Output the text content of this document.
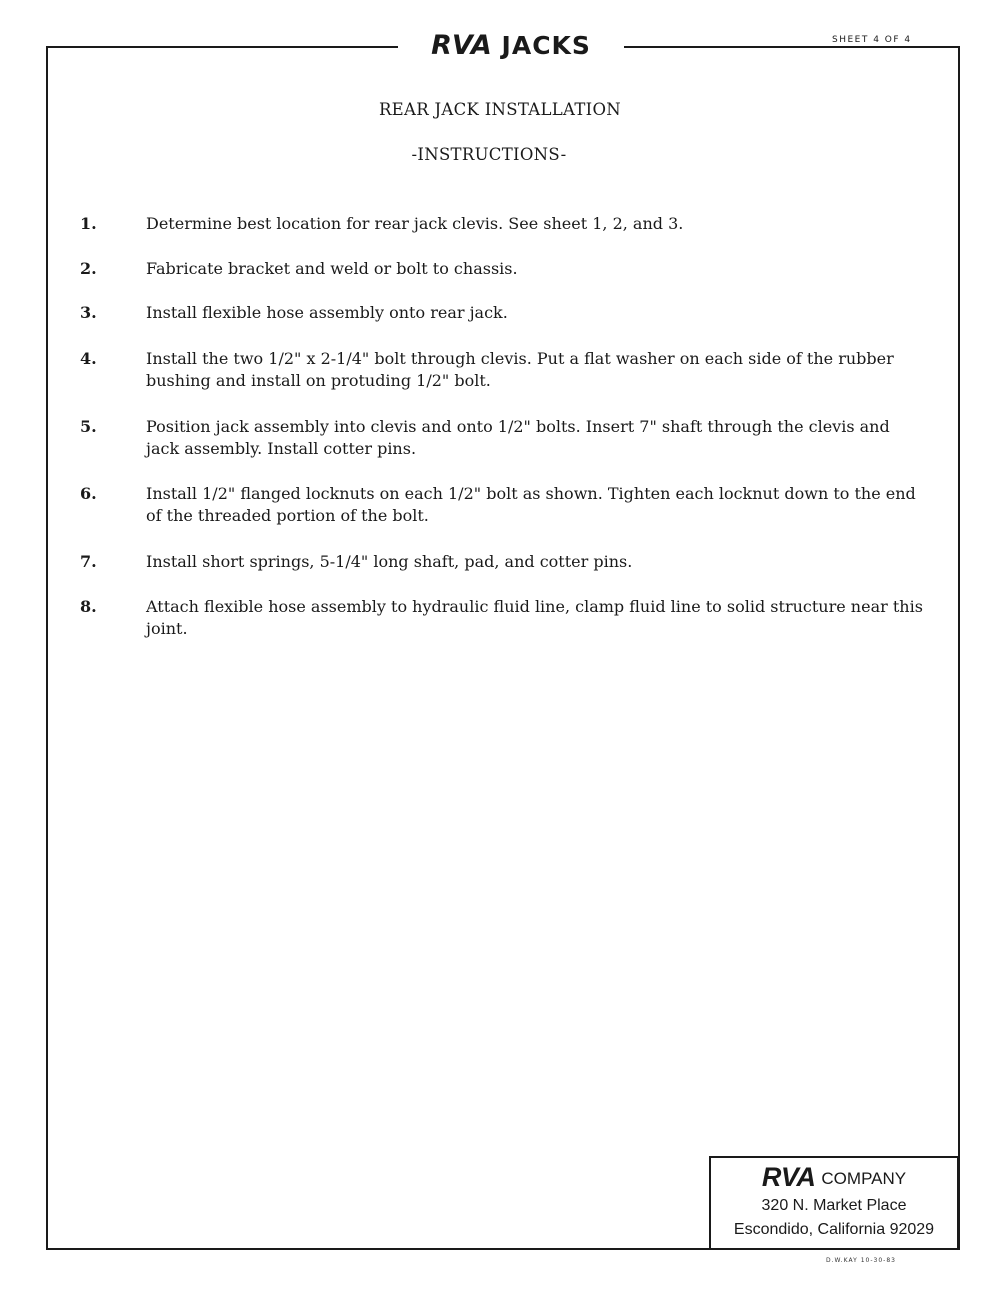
RVA JACKS	SHEET 4 OF 4
REAR JACK INSTALLATION
-INSTRUCTIONS-
1.	Determine best location for rear jack clevis. See sheet 1, 2, and 3.
2.	Fabricate bracket and weld or bolt to chassis.
3.	Install flexible hose assembly onto rear jack.
4.	Install the two 1/2" x 2-1/4" bolt through clevis. Put a flat washer on each side of the rubber bushing and install on protuding 1/2" bolt.
5.	Position jack assembly into clevis and onto 1/2" bolts. Insert 7" shaft through the clevis and jack assembly. Install cotter pins.
6.	Install 1/2" flanged locknuts on each 1/2" bolt as shown. Tighten each locknut down to the end of the threaded portion of the bolt.
7.	Install short springs, 5-1/4" long shaft, pad, and cotter pins.
8.	Attach flexible hose assembly to hydraulic fluid line, clamp fluid line to solid structure near this joint.
RVA COMPANY
320 N. Market Place
Escondido, California 92029
D.W.KAY 10-30-83
